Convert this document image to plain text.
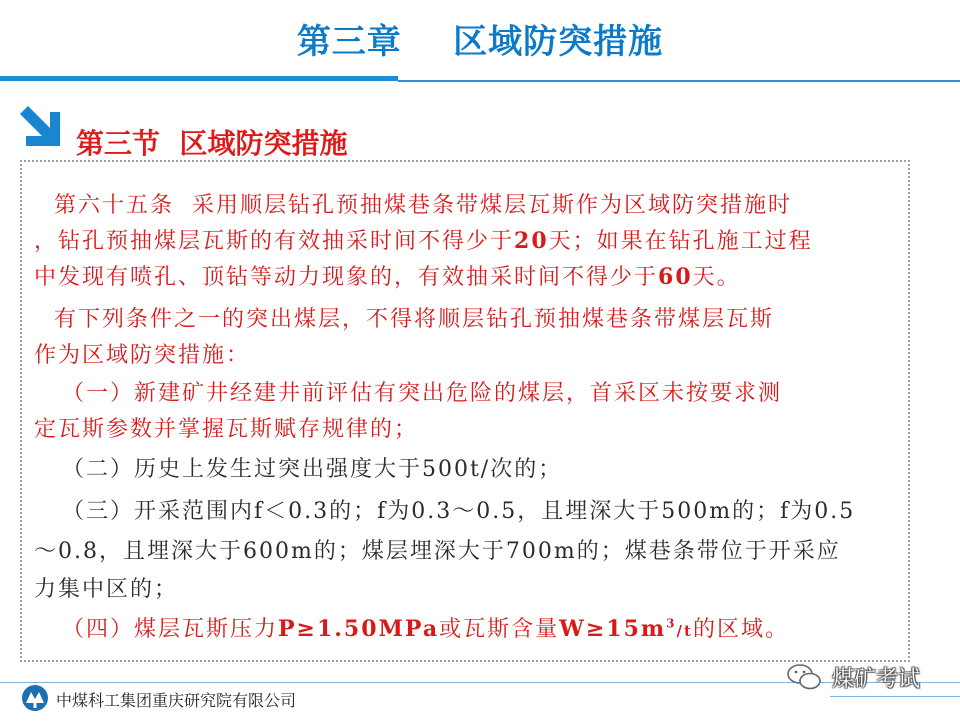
第三章    区域防突措施
第三节  区域防突措施
第六十五条  采用顺层钻孔预抽煤巷条带煤层瓦斯作为区域防突措施时
，钻孔预抽煤层瓦斯的有效抽采时间不得少于20天；如果在钻孔施工过程
中发现有喷孔、顶钻等动力现象的，有效抽采时间不得少于60天。
有下列条件之一的突出煤层，不得将顺层钻孔预抽煤巷条带煤层瓦斯
作为区域防突措施：
（一）新建矿井经建井前评估有突出危险的煤层，首采区未按要求测
定瓦斯参数并掌握瓦斯赋存规律的；
（二）历史上发生过突出强度大于500t/次的；
（三）开采范围内f＜0.3的；f为0.3～0.5，且埋深大于500m的；f为0.5
～0.8，且埋深大于600m的；煤层埋深大于700m的；煤巷条带位于开采应
力集中区的；
（四）煤层瓦斯压力P≥1.50MPa或瓦斯含量$W\ge 15m^3/t$的区域。
中煤科工集团重庆研究院有限公司
煤矿考试
